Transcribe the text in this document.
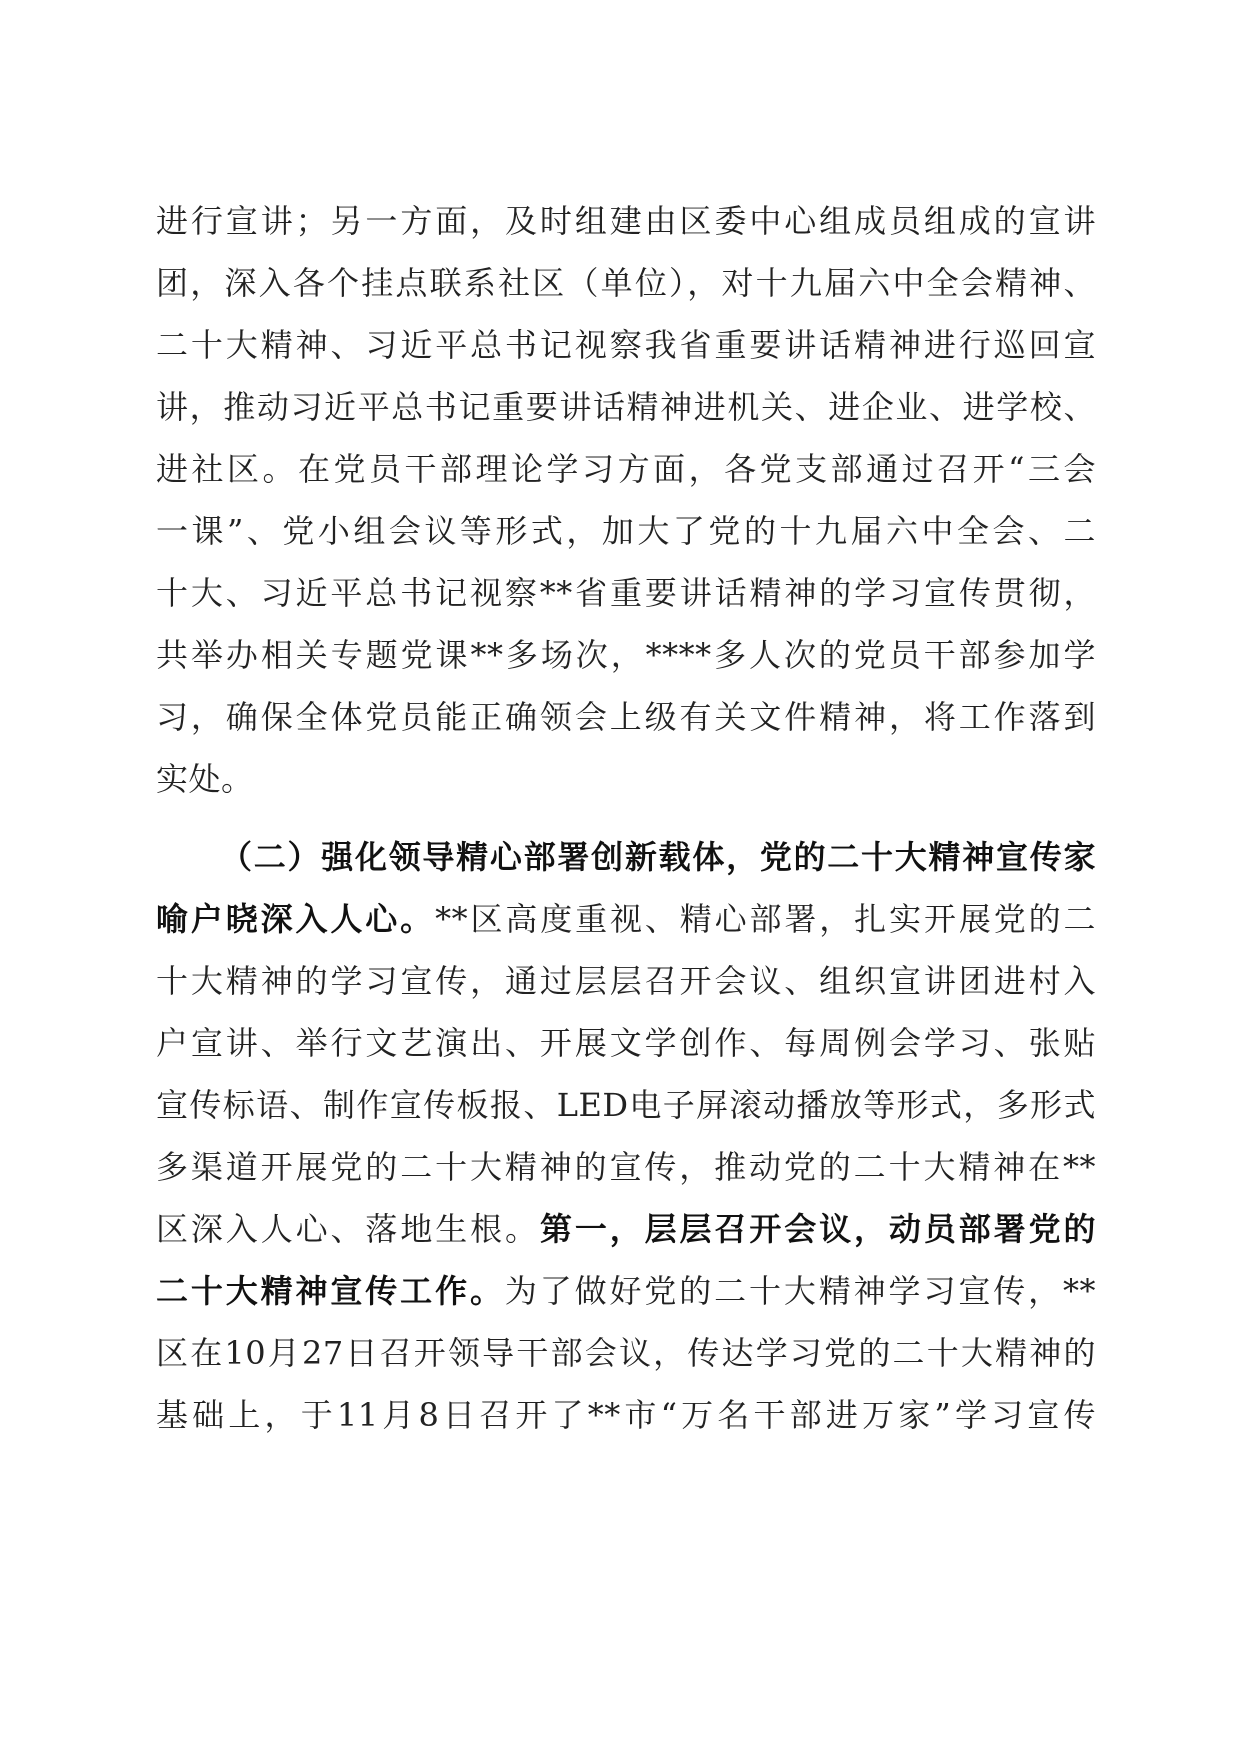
进行宣讲；另一方面，及时组建由区委中心组成员组成的宣讲
团，深入各个挂点联系社区（单位），对十九届六中全会精神、
二十大精神、习近平总书记视察我省重要讲话精神进行巡回宣
讲，推动习近平总书记重要讲话精神进机关、进企业、进学校、
进社区。在党员干部理论学习方面，各党支部通过召开“三会
一课”、党小组会议等形式，加大了党的十九届六中全会、二
十大、习近平总书记视察**省重要讲话精神的学习宣传贯彻，
共举办相关专题党课**多场次，****多人次的党员干部参加学
习，确保全体党员能正确领会上级有关文件精神，将工作落到
实处。
（二）强化领导精心部署创新载体，党的二十大精神宣传家
喻户晓深入人心。**区高度重视、精心部署，扎实开展党的二
十大精神的学习宣传，通过层层召开会议、组织宣讲团进村入
户宣讲、举行文艺演出、开展文学创作、每周例会学习、张贴
宣传标语、制作宣传板报、LED电子屏滚动播放等形式，多形式
多渠道开展党的二十大精神的宣传，推动党的二十大精神在**
区深入人心、落地生根。第一，层层召开会议，动员部署党的
二十大精神宣传工作。为了做好党的二十大精神学习宣传，**
区在10月27日召开领导干部会议，传达学习党的二十大精神的
基础上，于11月8日召开了**市“万名干部进万家”学习宣传
